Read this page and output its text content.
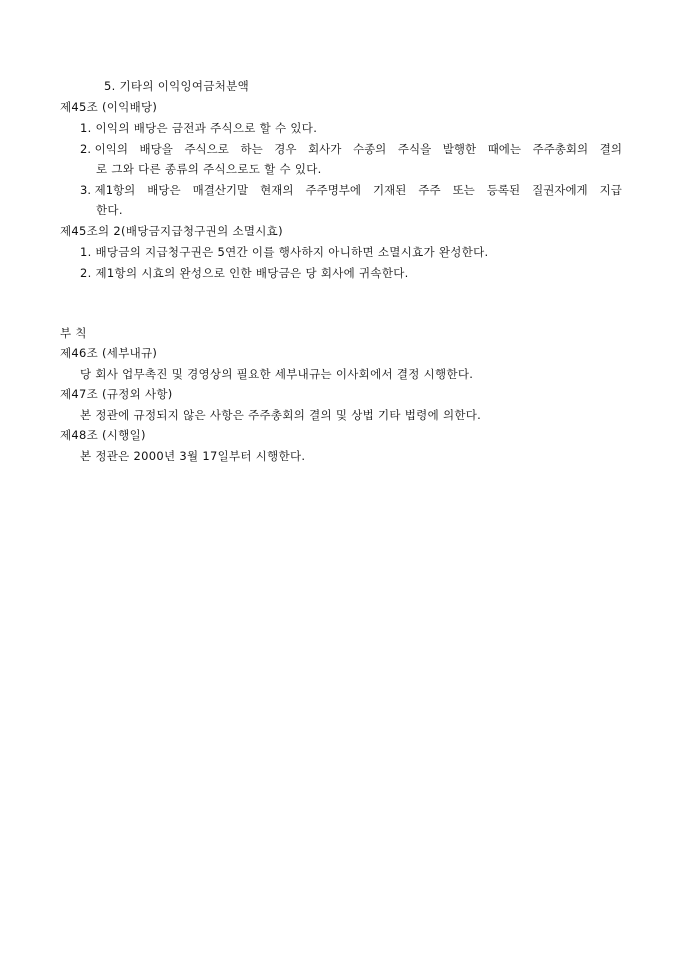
5. 기타의 이익잉여금처분액
제45조 (이익배당)
1. 이익의 배당은 금전과 주식으로 할 수 있다.
2. 이익의 배당을 주식으로 하는 경우 회사가 수종의 주식을 발행한 때에는 주주총회의 결의
로 그와 다른 종류의 주식으로도 할 수 있다.
3. 제1항의 배당은 매결산기말 현재의 주주명부에 기재된 주주 또는 등록된 질권자에게 지급
한다.
제45조의 2(배당금지급청구권의 소멸시효)
1. 배당금의 지급청구권은 5연간 이를 행사하지 아니하면 소멸시효가 완성한다.
2. 제1항의 시효의 완성으로 인한 배당금은 당 회사에 귀속한다.
부 칙
제46조 (세부내규)
당 회사 업무촉진 및 경영상의 필요한 세부내규는 이사회에서 결정 시행한다.
제47조 (규정외 사항)
본 정관에 규정되지 않은 사항은 주주총회의 결의 및 상법 기타 법령에 의한다.
제48조 (시행일)
본 정관은 2000년 3월 17일부터 시행한다.
